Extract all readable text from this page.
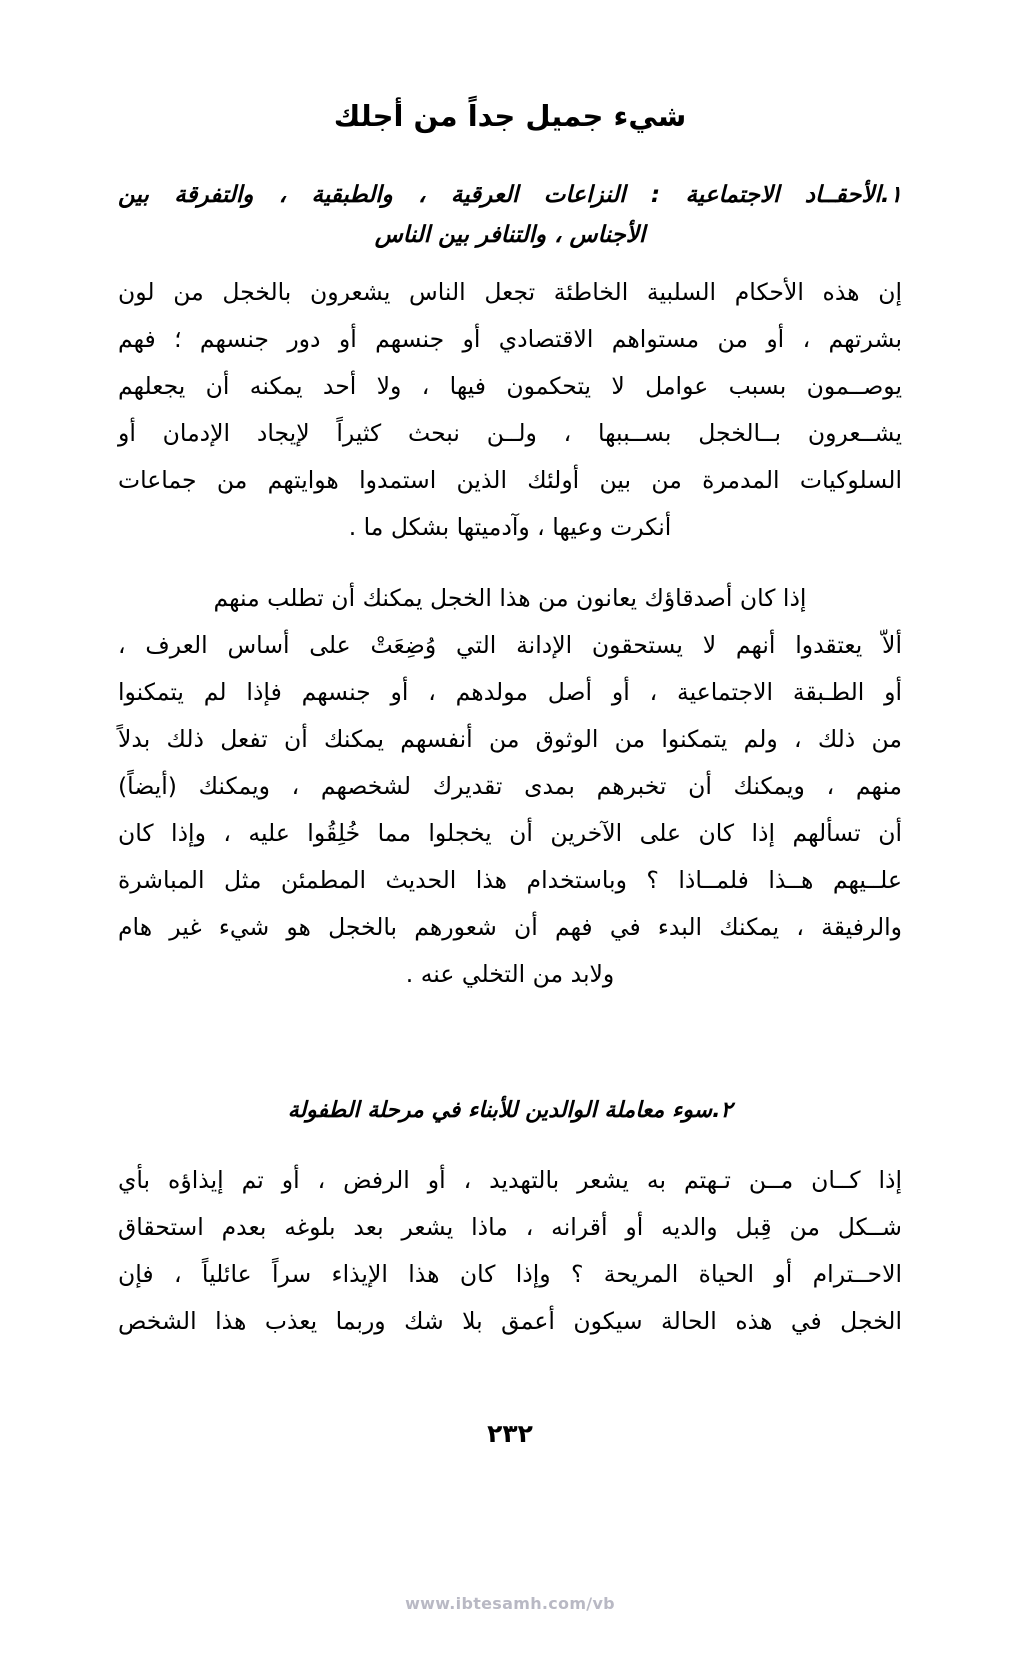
شيء جميل جداً من أجلك
١.الأحقــاد الاجتماعية : النزاعات العرقية ، والطبقية ، والتفرقة بين
الأجناس ، والتنافر بين الناس
إن هذه الأحكام السلبية الخاطئة تجعل الناس يشعرون بالخجل من لون
بشرتهم ، أو من مستواهم الاقتصادي أو جنسهم أو دور جنسهم ؛ فهم
يوصــمون بسبب عوامل لا يتحكمون فيها ، ولا أحد يمكنه أن يجعلهم
يشــعرون بــالخجل بســببها ، ولــن نبحث كثيراً لإيجاد الإدمان أو
السلوكيات المدمرة من بين أولئك الذين استمدوا هوايتهم من جماعات
أنكرت وعيها ، وآدميتها بشكل ما .
إذا كان أصدقاؤك يعانون من هذا الخجل يمكنك أن تطلب منهم
ألاّ يعتقدوا أنهم لا يستحقون الإدانة التي وُضِعَتْ على أساس العرف ،
أو الطـبقة الاجتماعية ، أو أصل مولدهم ، أو جنسهم فإذا لم يتمكنوا
من ذلك ، ولم يتمكنوا من الوثوق من أنفسهم يمكنك أن تفعل ذلك بدلاً
منهم ، ويمكنك أن تخبرهم بمدى تقديرك لشخصهم ، ويمكنك (أيضاً)
أن تسألهم إذا كان على الآخرين أن يخجلوا مما خُلِقُوا عليه ، وإذا كان
علــيهم هــذا فلمــاذا ؟ وباستخدام هذا الحديث المطمئن مثل المباشرة
والرفيقة ، يمكنك البدء في فهم أن شعورهم بالخجل هو شيء غير هام
ولابد من التخلي عنه .
٢.سوء معاملة الوالدين للأبناء في مرحلة الطفولة
إذا كــان مــن تـهتم به يشعر بالتهديد ، أو الرفض ، أو تم إيذاؤه بأي
شــكل من قِبل والديه أو أقرانه ، ماذا يشعر بعد بلوغه بعدم استحقاق
الاحــترام أو الحياة المريحة ؟ وإذا كان هذا الإيذاء سراً عائلياً ، فإن
الخجل في هذه الحالة سيكون أعمق بلا شك وربما يعذب هذا الشخص
٢٣٢
www.ibtesamh.com/vb
